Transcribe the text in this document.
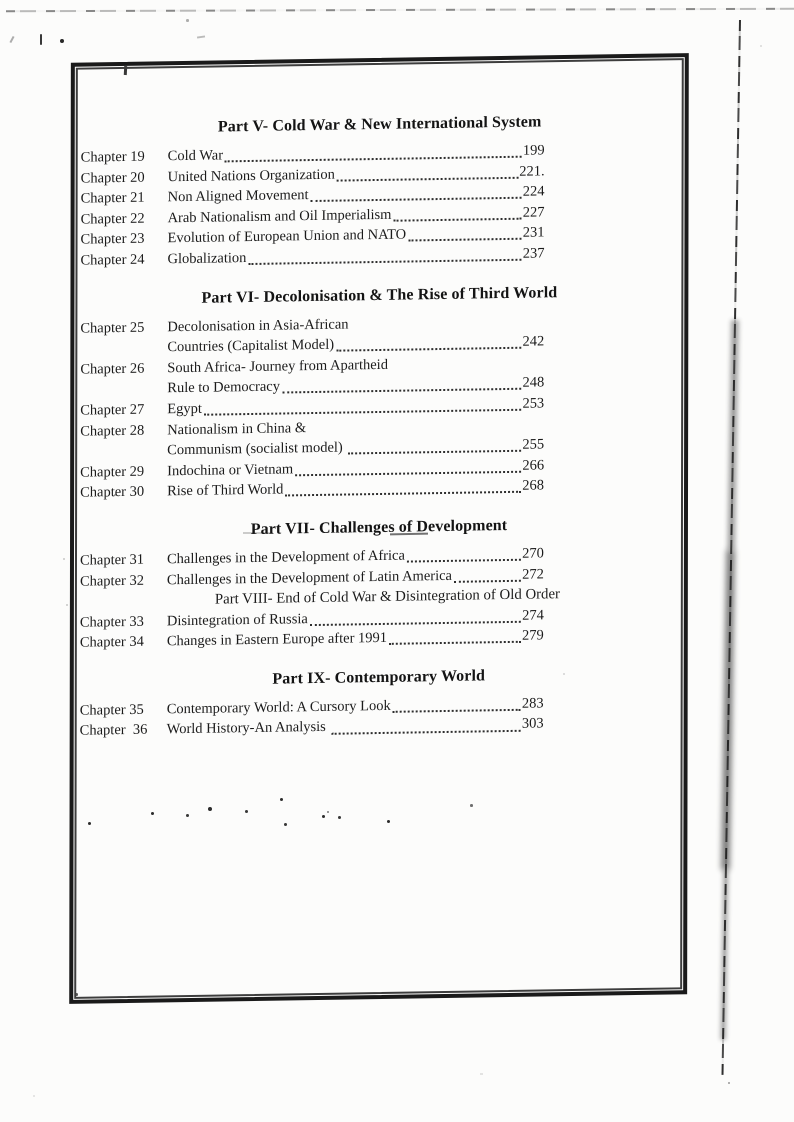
Part V- Cold War & New International System
Chapter 19	Cold War	199
Chapter 20	United Nations Organization	221.
Chapter 21	Non Aligned Movement	224
Chapter 22	Arab Nationalism and Oil Imperialism	227
Chapter 23	Evolution of European Union and NATO	231
Chapter 24	Globalization	237
Part VI- Decolonisation & The Rise of Third World
Chapter 25	Decolonisation in Asia-African
Countries (Capitalist Model)	242
Chapter 26	South Africa- Journey from Apartheid
Rule to Democracy	248
Chapter 27	Egypt	253
Chapter 28	Nationalism in China &
Communism (socialist model)	255
Chapter 29	Indochina or Vietnam	266
Chapter 30	Rise of Third World	268
Part VII- Challenges of Development
Chapter 31	Challenges in the Development of Africa	270
Chapter 32	Challenges in the Development of Latin America	272
Part VIII- End of Cold War & Disintegration of Old Order
Chapter 33	Disintegration of Russia	274
Chapter 34	Changes in Eastern Europe after 1991	279
Part IX- Contemporary World
Chapter 35	Contemporary World: A Cursory Look	283
Chapter  36	World History-An Analysis	303
